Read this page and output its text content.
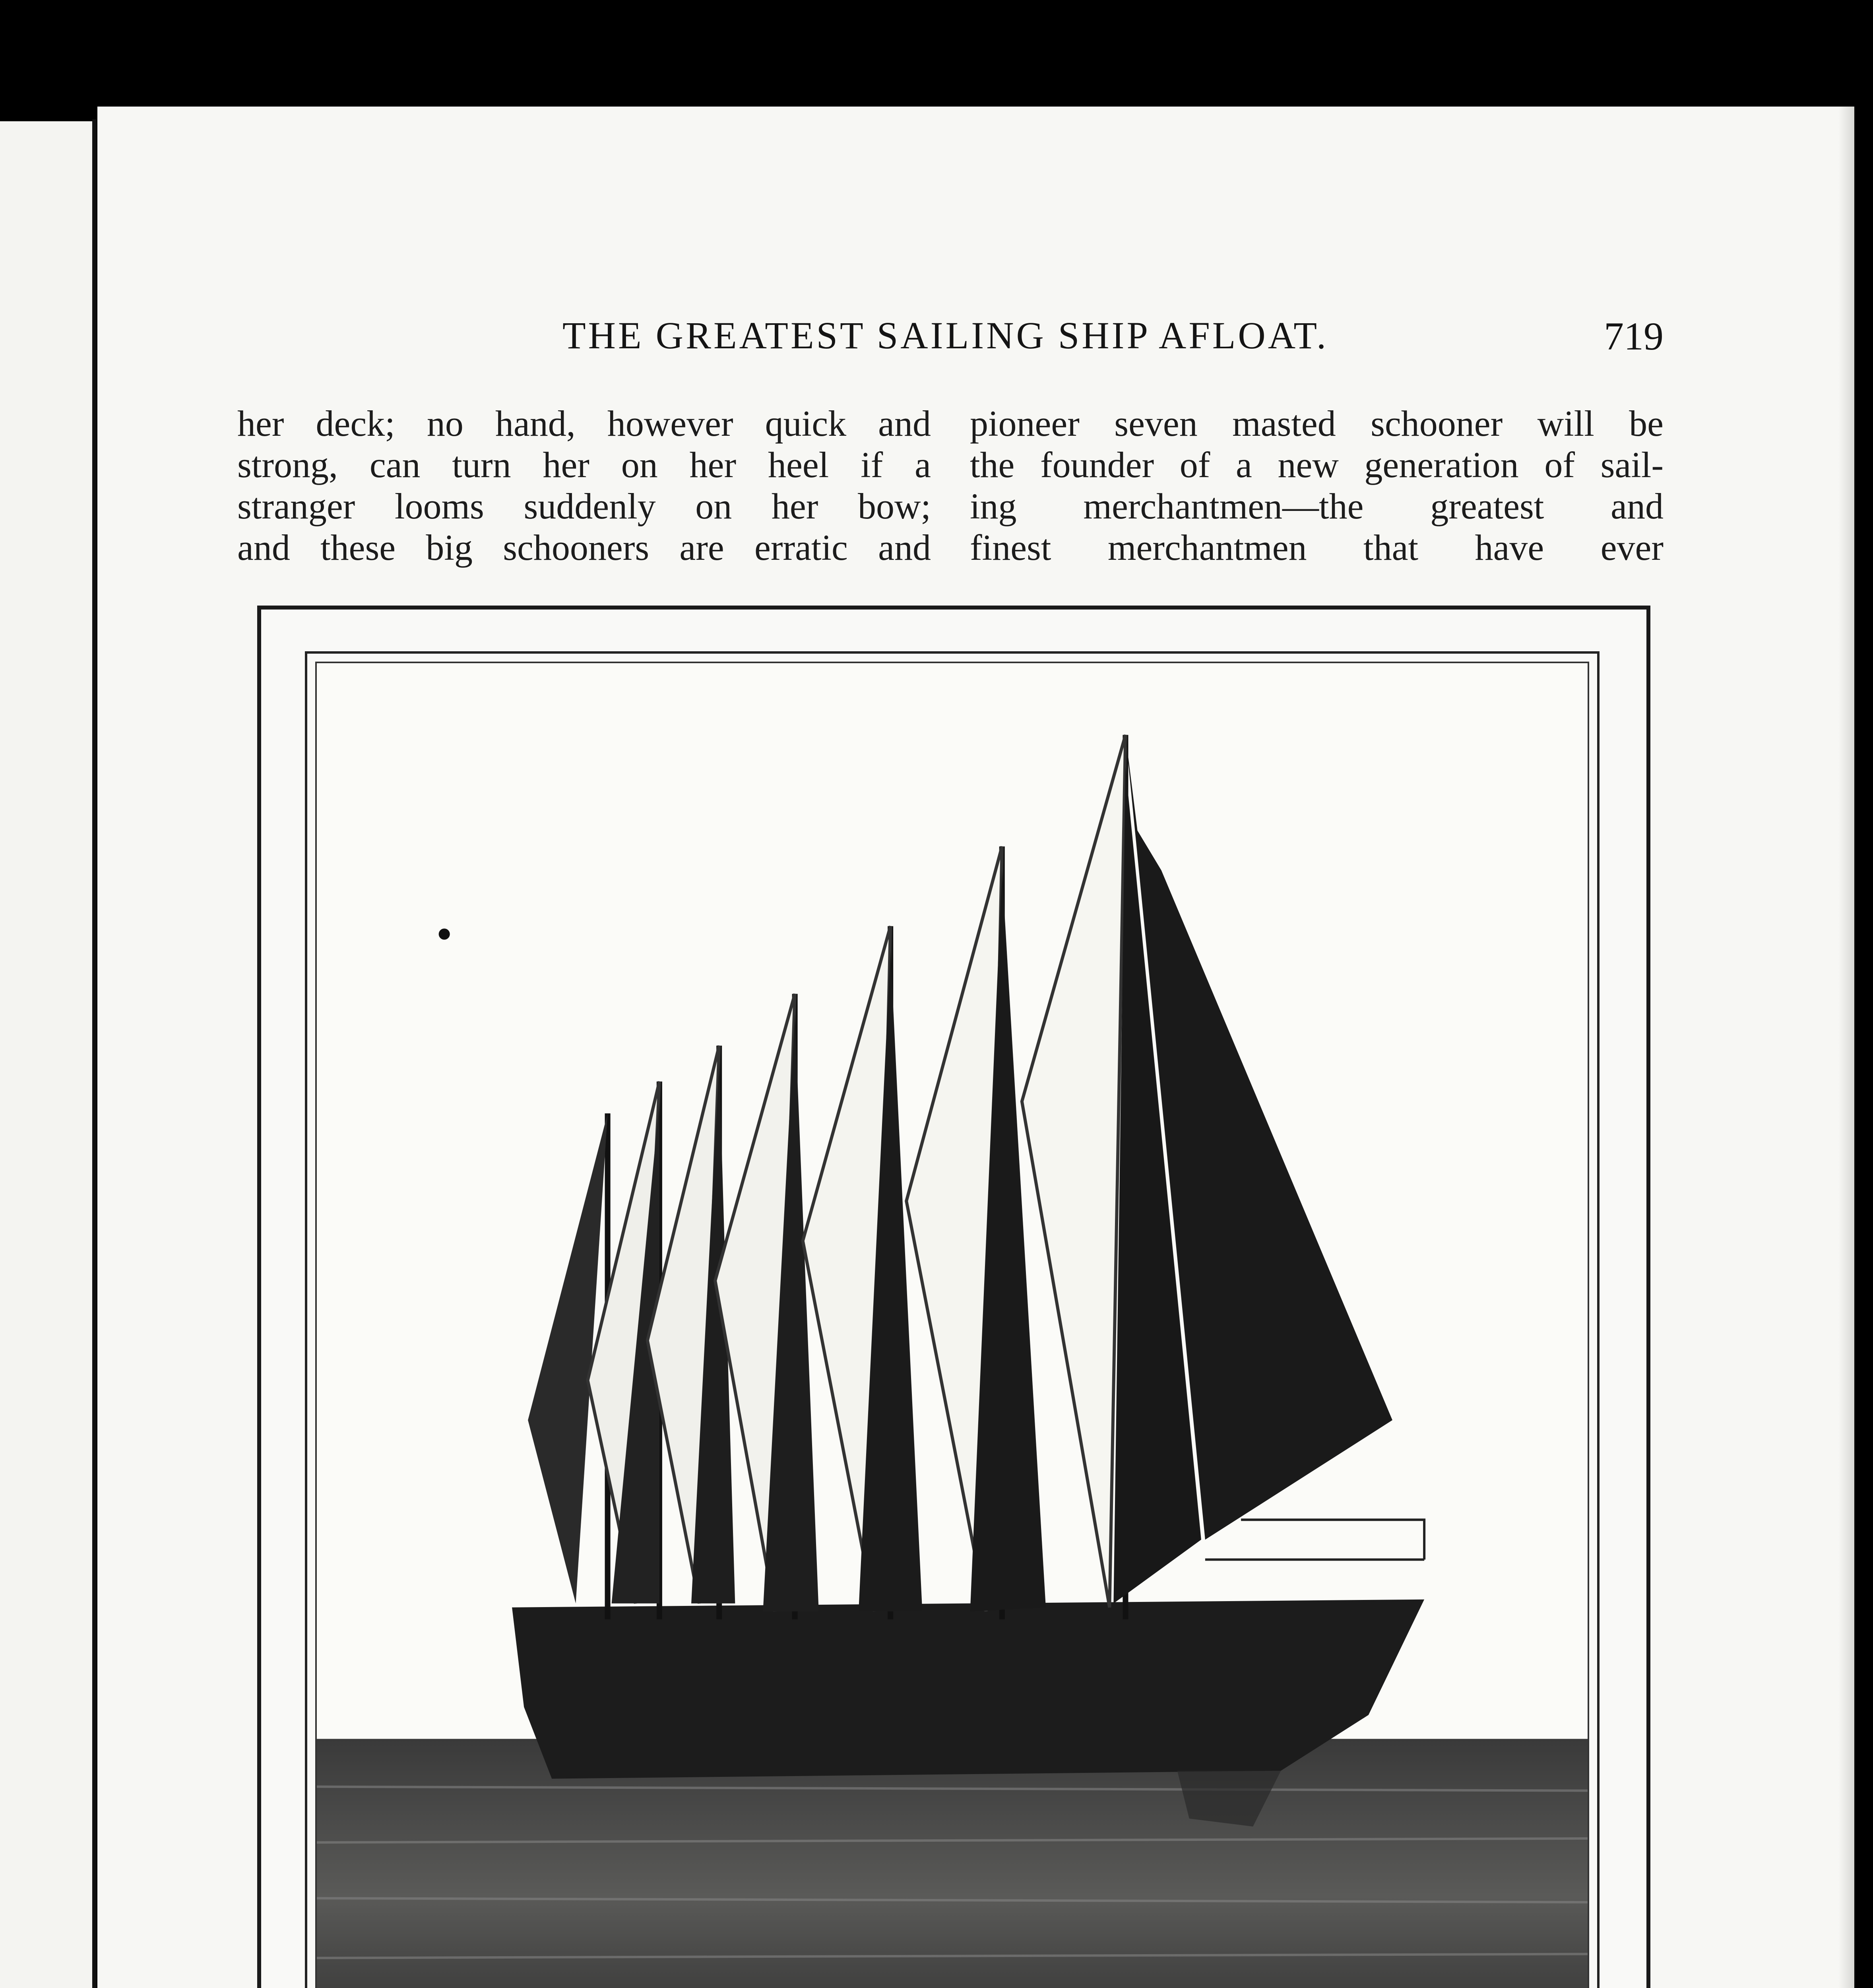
THE GREATEST SAILING SHIP AFLOAT.	719
her deck; no hand, however quick and
strong, can turn her on her heel if a
stranger looms suddenly on her bow;
and these big schooners are erratic and
pioneer seven masted schooner will be
the founder of a new generation of sail-
ing merchantmen—the greatest and
finest merchantmen that have ever
